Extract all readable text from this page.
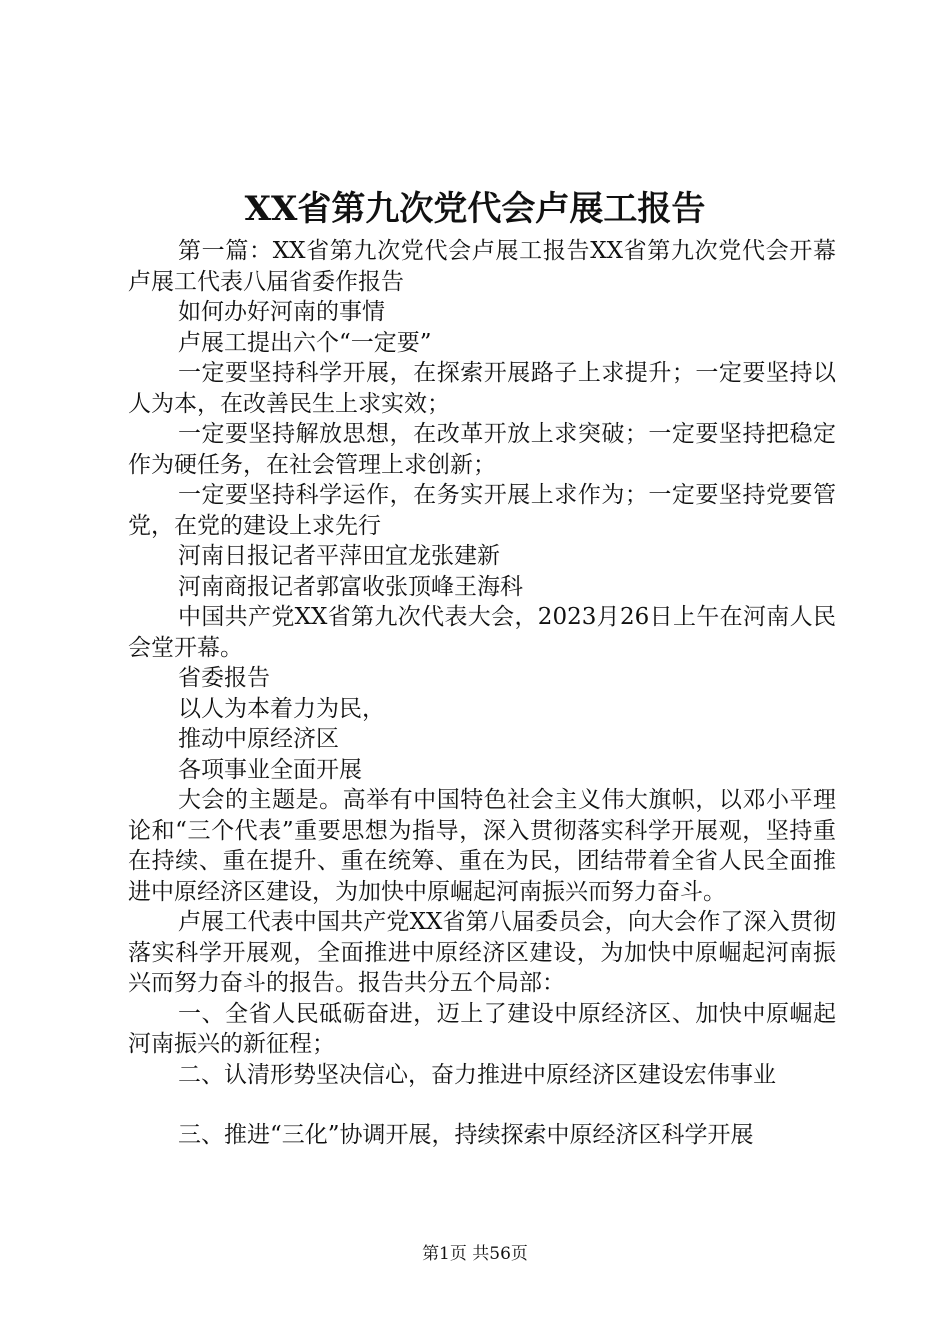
XX省第九次党代会卢展工报告

第一篇：XX省第九次党代会卢展工报告XX省第九次党代会开幕卢展工代表八届省委作报告

如何办好河南的事情

卢展工提出六个“一定要”

一定要坚持科学开展，在探索开展路子上求提升；一定要坚持以人为本，在改善民生上求实效；

一定要坚持解放思想，在改革开放上求突破；一定要坚持把稳定作为硬任务，在社会管理上求创新；

一定要坚持科学运作，在务实开展上求作为；一定要坚持党要管党，在党的建设上求先行

河南日报记者平萍田宜龙张建新

河南商报记者郭富收张顶峰王海科

中国共产党XX省第九次代表大会，2023月26日上午在河南人民会堂开幕。

省委报告

以人为本着力为民，

推动中原经济区

各项事业全面开展

大会的主题是。高举有中国特色社会主义伟大旗帜，以邓小平理论和“三个代表”重要思想为指导，深入贯彻落实科学开展观，坚持重在持续、重在提升、重在统筹、重在为民，团结带着全省人民全面推进中原经济区建设，为加快中原崛起河南振兴而努力奋斗。

卢展工代表中国共产党XX省第八届委员会，向大会作了深入贯彻落实科学开展观，全面推进中原经济区建设，为加快中原崛起河南振兴而努力奋斗的报告。报告共分五个局部：

一、全省人民砥砺奋进，迈上了建设中原经济区、加快中原崛起河南振兴的新征程；

二、认清形势坚决信心，奋力推进中原经济区建设宏伟事业

三、推进“三化”协调开展，持续探索中原经济区科学开展

第1页 共56页
